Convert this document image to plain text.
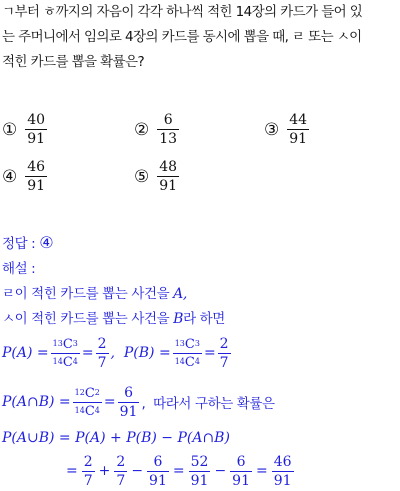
ㄱ부터 ㅎ까지의 자음이 각각 하나씩 적힌 14장의 카드가 들어 있
는 주머니에서 임의로 4장의 카드를 동시에 뽑을 때, ㄹ 또는 ㅅ이
적힌 카드를 뽑을 확률은?
① $\frac{40}{91}$	② $\frac{6}{13}$	③ $\frac{44}{91}$
④ $\frac{46}{91}$	⑤ $\frac{48}{91}$
정답 : ④
해설 :
ㄹ이 적힌 카드를 뽑는 사건을 A,
ㅅ이 적힌 카드를 뽑는 사건을 B라 하면
$P(A) = \frac{13 C 3}{14 C 4} = \frac{2}{7}$ ,  $P(B) = \frac{13 C 3}{14 C 4} = \frac{2}{7}$
P(A∩B) = $\frac{12 C 2}{14 C 4} = \frac{6}{91}$ ,  따라서 구하는 확률은
P(A∪B) = P(A) + P(B) − P(A∩B)
= $\frac{2}{7} + \frac{2}{7} - \frac{6}{91} = \frac{52}{91} - \frac{6}{91} = \frac{46}{91}$
